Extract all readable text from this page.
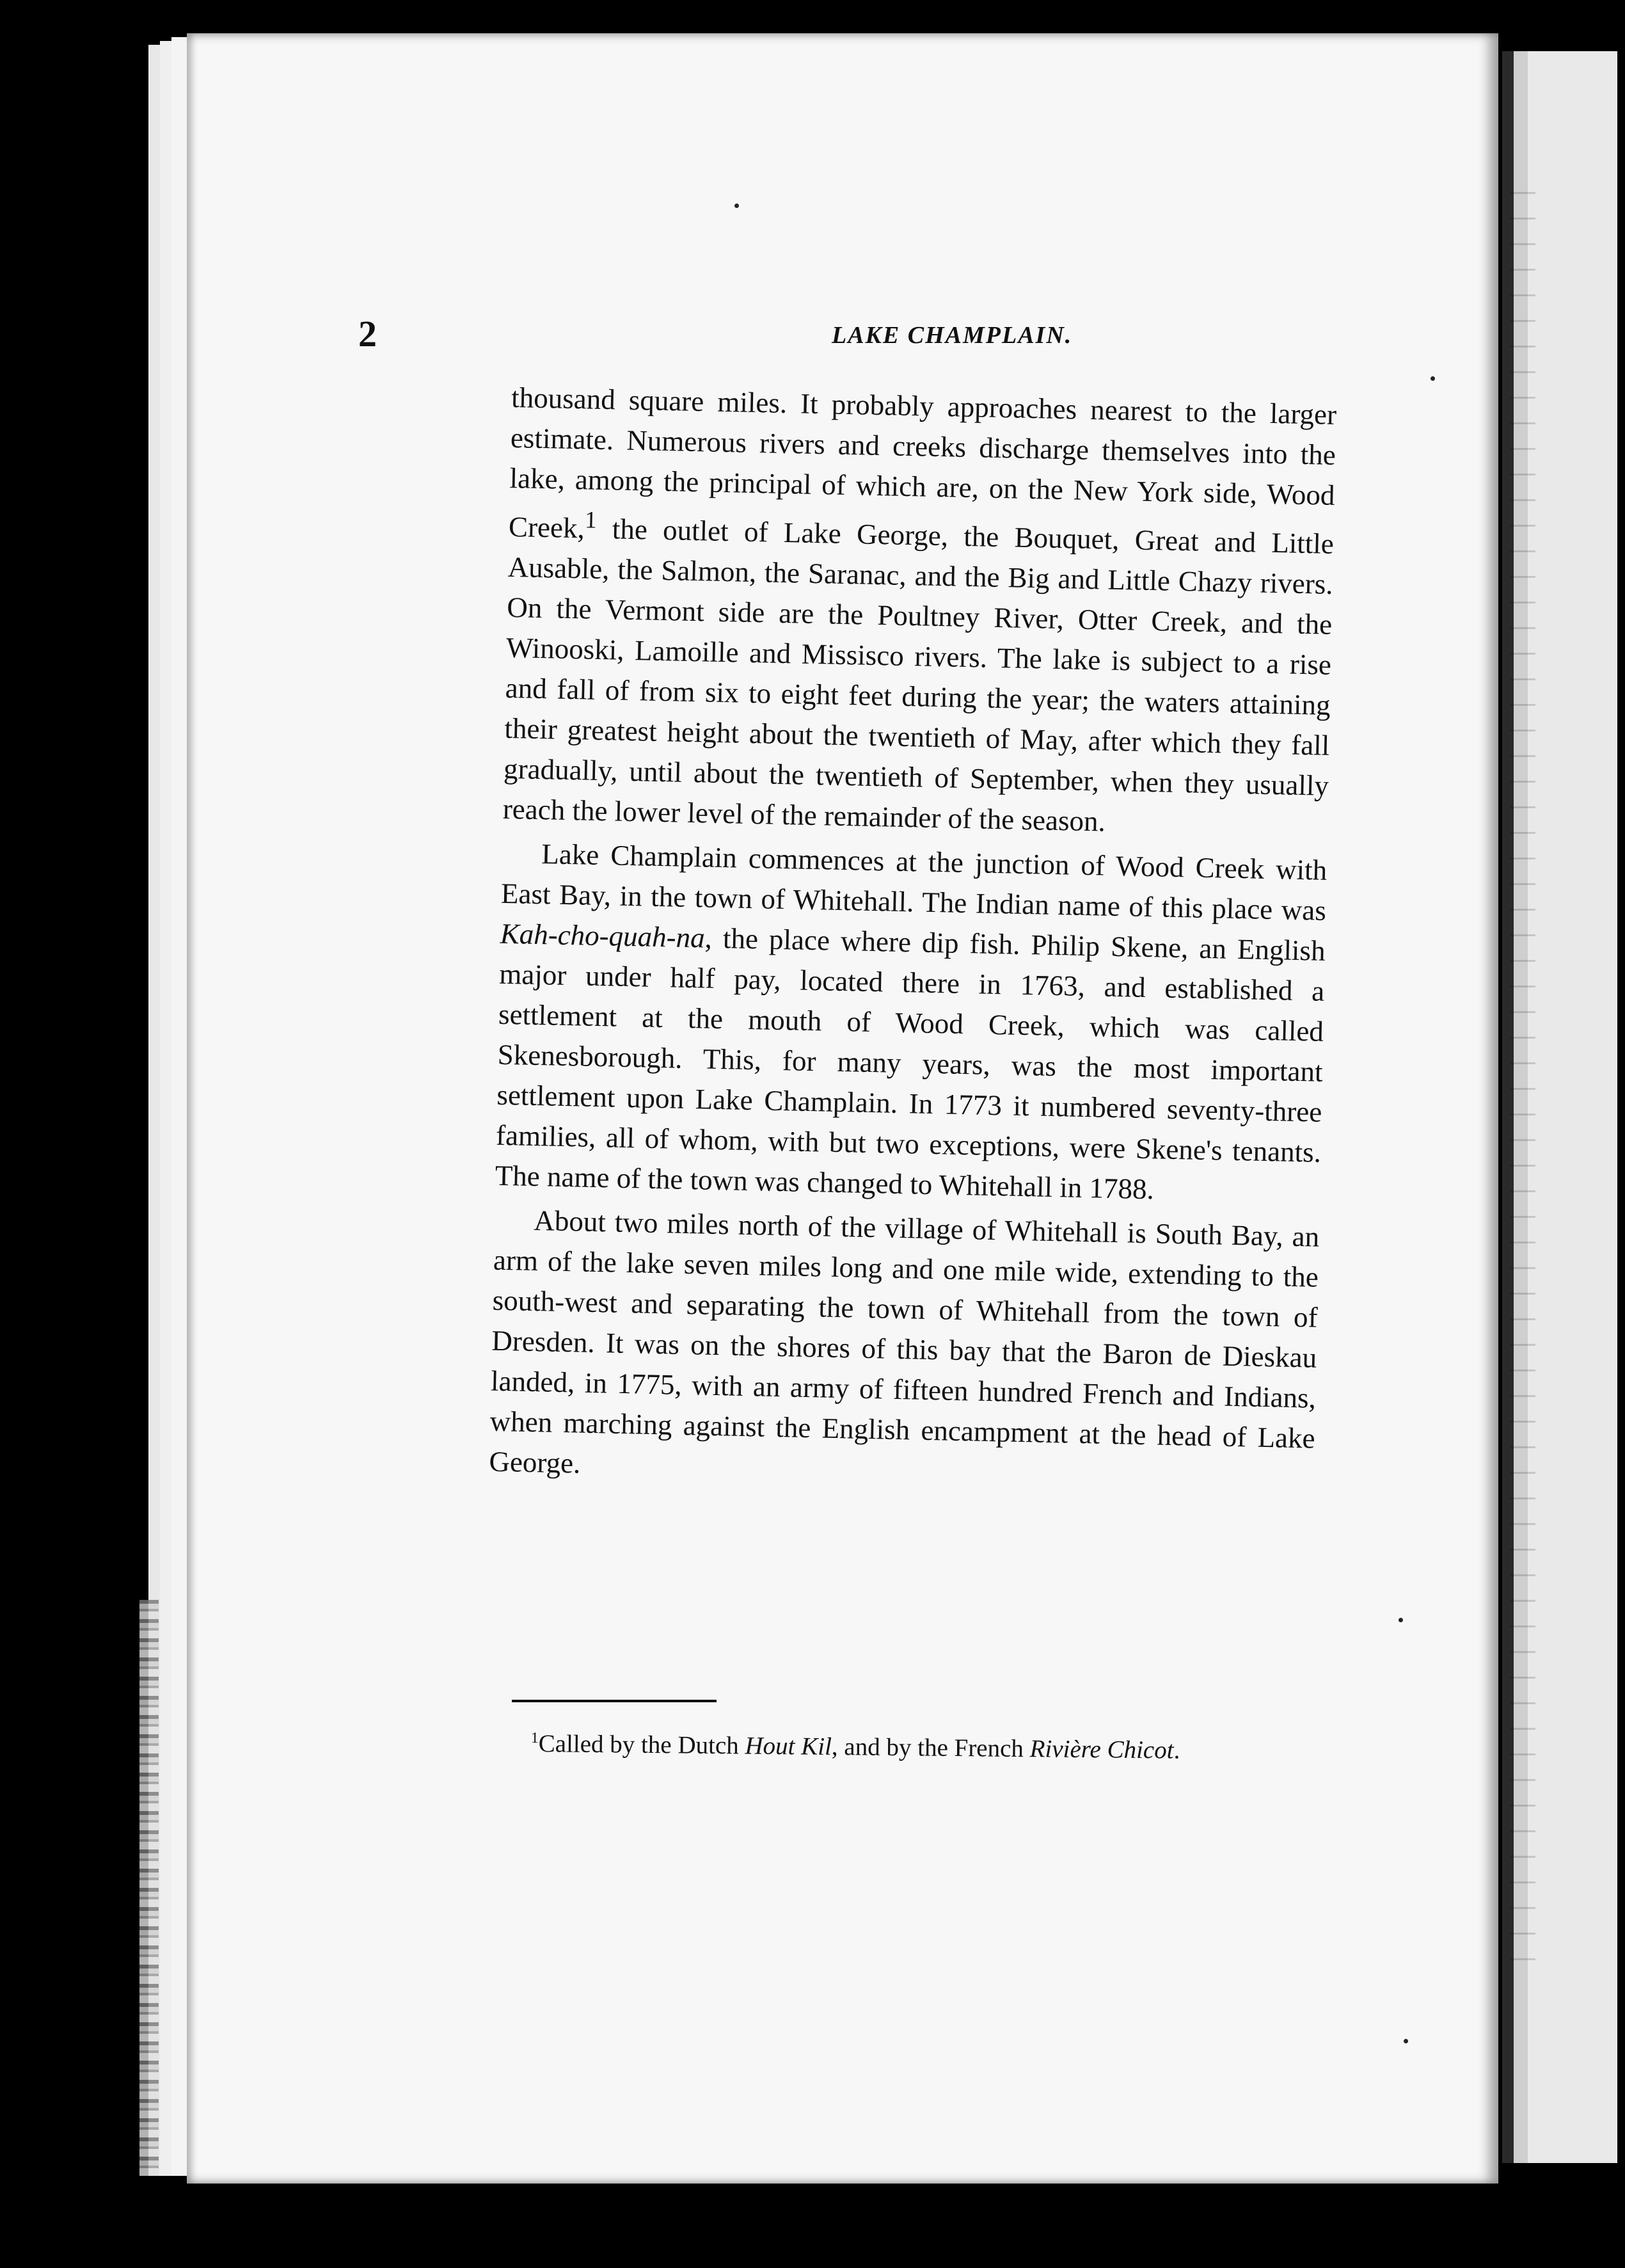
2	LAKE CHAMPLAIN.

thousand square miles. It probably approaches nearest to the larger estimate. Numerous rivers and creeks discharge themselves into the lake, among the principal of which are, on the New York side, Wood Creek,$^1$ the outlet of Lake George, the Bouquet, Great and Little Ausable, the Salmon, the Saranac, and the Big and Little Chazy rivers. On the Vermont side are the Poultney River, Otter Creek, and the Winooski, Lamoille and Missisco rivers. The lake is subject to a rise and fall of from six to eight feet during the year; the waters attaining their greatest height about the twentieth of May, after which they fall gradually, until about the twentieth of September, when they usually reach the lower level of the remainder of the season.

Lake Champlain commences at the junction of Wood Creek with East Bay, in the town of Whitehall. The Indian name of this place was Kah-cho-quah-na, the place where dip fish. Philip Skene, an English major under half pay, located there in 1763, and established a settlement at the mouth of Wood Creek, which was called Skenesborough. This, for many years, was the most important settlement upon Lake Champlain. In 1773 it numbered seventy-three families, all of whom, with but two exceptions, were Skene's tenants. The name of the town was changed to Whitehall in 1788.

About two miles north of the village of Whitehall is South Bay, an arm of the lake seven miles long and one mile wide, extending to the south-west and separating the town of Whitehall from the town of Dresden. It was on the shores of this bay that the Baron de Dieskau landed, in 1775, with an army of fifteen hundred French and Indians, when marching against the English encampment at the head of Lake George.

$^1$Called by the Dutch Hout Kil, and by the French Rivière Chicot.
